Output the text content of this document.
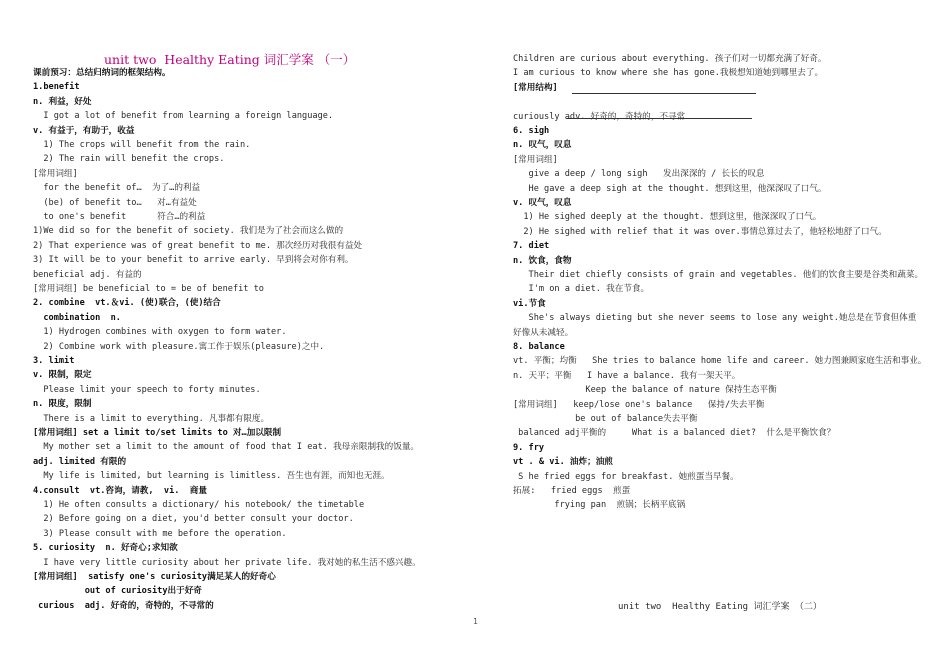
unit two  Healthy Eating 词汇学案 （一）
课前预习：总结归纳词的框架结构。
1.benefit
n. 利益，好处
I got a lot of benefit from learning a foreign language.
v. 有益于，有助于，收益
1) The crops will benefit from the rain.
2) The rain will benefit the crops.
[常用词组]
for the benefit of…  为了…的利益
(be) of benefit to…   对…有益处
to one's benefit      符合…的利益
1)We did so for the benefit of society. 我们是为了社会而这么做的
2) That experience was of great benefit to me. 那次经历对我很有益处
3) It will be to your benefit to arrive early. 早到将会对你有利。
beneficial adj. 有益的
[常用词组] be beneficial to = be of benefit to
2. combine  vt.＆vi. (使)联合，(使)结合
combination  n.
1) Hydrogen combines with oxygen to form water.
2) Combine work with pleasure.寓工作于娱乐(pleasure)之中.
3. limit
v. 限制，限定
Please limit your speech to forty minutes.
n. 限度，限制
There is a limit to everything. 凡事都有限度。
[常用词组] set a limit to/set limits to 对…加以限制
My mother set a limit to the amount of food that I eat. 我母亲限制我的饭量。
adj. limited 有限的
My life is limited, but learning is limitless. 吾生也有涯，而知也无涯。
4.consult  vt.咨询，请教,  vi.  商量
1) He often consults a dictionary/ his notebook/ the timetable
2) Before going on a diet, you'd better consult your doctor.
3) Please consult with me before the operation.
5. curiosity  n. 好奇心;求知欲
I have very little curiosity about her private life. 我对她的私生活不感兴趣。
[常用词组]  satisfy one's curiosity满足某人的好奇心
out of curiosity出于好奇
curious  adj. 好奇的，奇特的，不寻常的
Children are curious about everything. 孩子们对一切都充满了好奇。
I am curious to know where she has gone.我极想知道她到哪里去了。
[常用结构]
curiously adv. 好奇的，奇特的，不寻常
6. sigh
n. 叹气，叹息
[常用词组]
give a deep / long sigh   发出深深的 / 长长的叹息
He gave a deep sigh at the thought. 想到这里，他深深叹了口气。
v. 叹气，叹息
1) He sighed deeply at the thought. 想到这里，他深深叹了口气。
2) He sighed with relief that it was over.事情总算过去了，他轻松地舒了口气。
7. diet
n. 饮食，食物
Their diet chiefly consists of grain and vegetables. 他们的饮食主要是谷类和蔬菜。
I'm on a diet. 我在节食。
vi.节食
She's always dieting but she never seems to lose any weight.她总是在节食但体重
好像从未减轻。
8. balance
vt. 平衡；均衡   She tries to balance home life and career. 她力图兼顾家庭生活和事业。
n. 天平；平衡   I have a balance. 我有一架天平。
Keep the balance of nature 保持生态平衡
[常用词组]   keep/lose one's balance   保持/失去平衡
be out of balance失去平衡
balanced adj平衡的     What is a balanced diet?  什么是平衡饮食？
9. fry
vt . & vi. 油炸；油煎
S he fried eggs for breakfast. 她煎蛋当早餐。
拓展:   fried eggs  煎蛋
frying pan  煎锅；长柄平底锅
unit two  Healthy Eating 词汇学案 （二）
1
